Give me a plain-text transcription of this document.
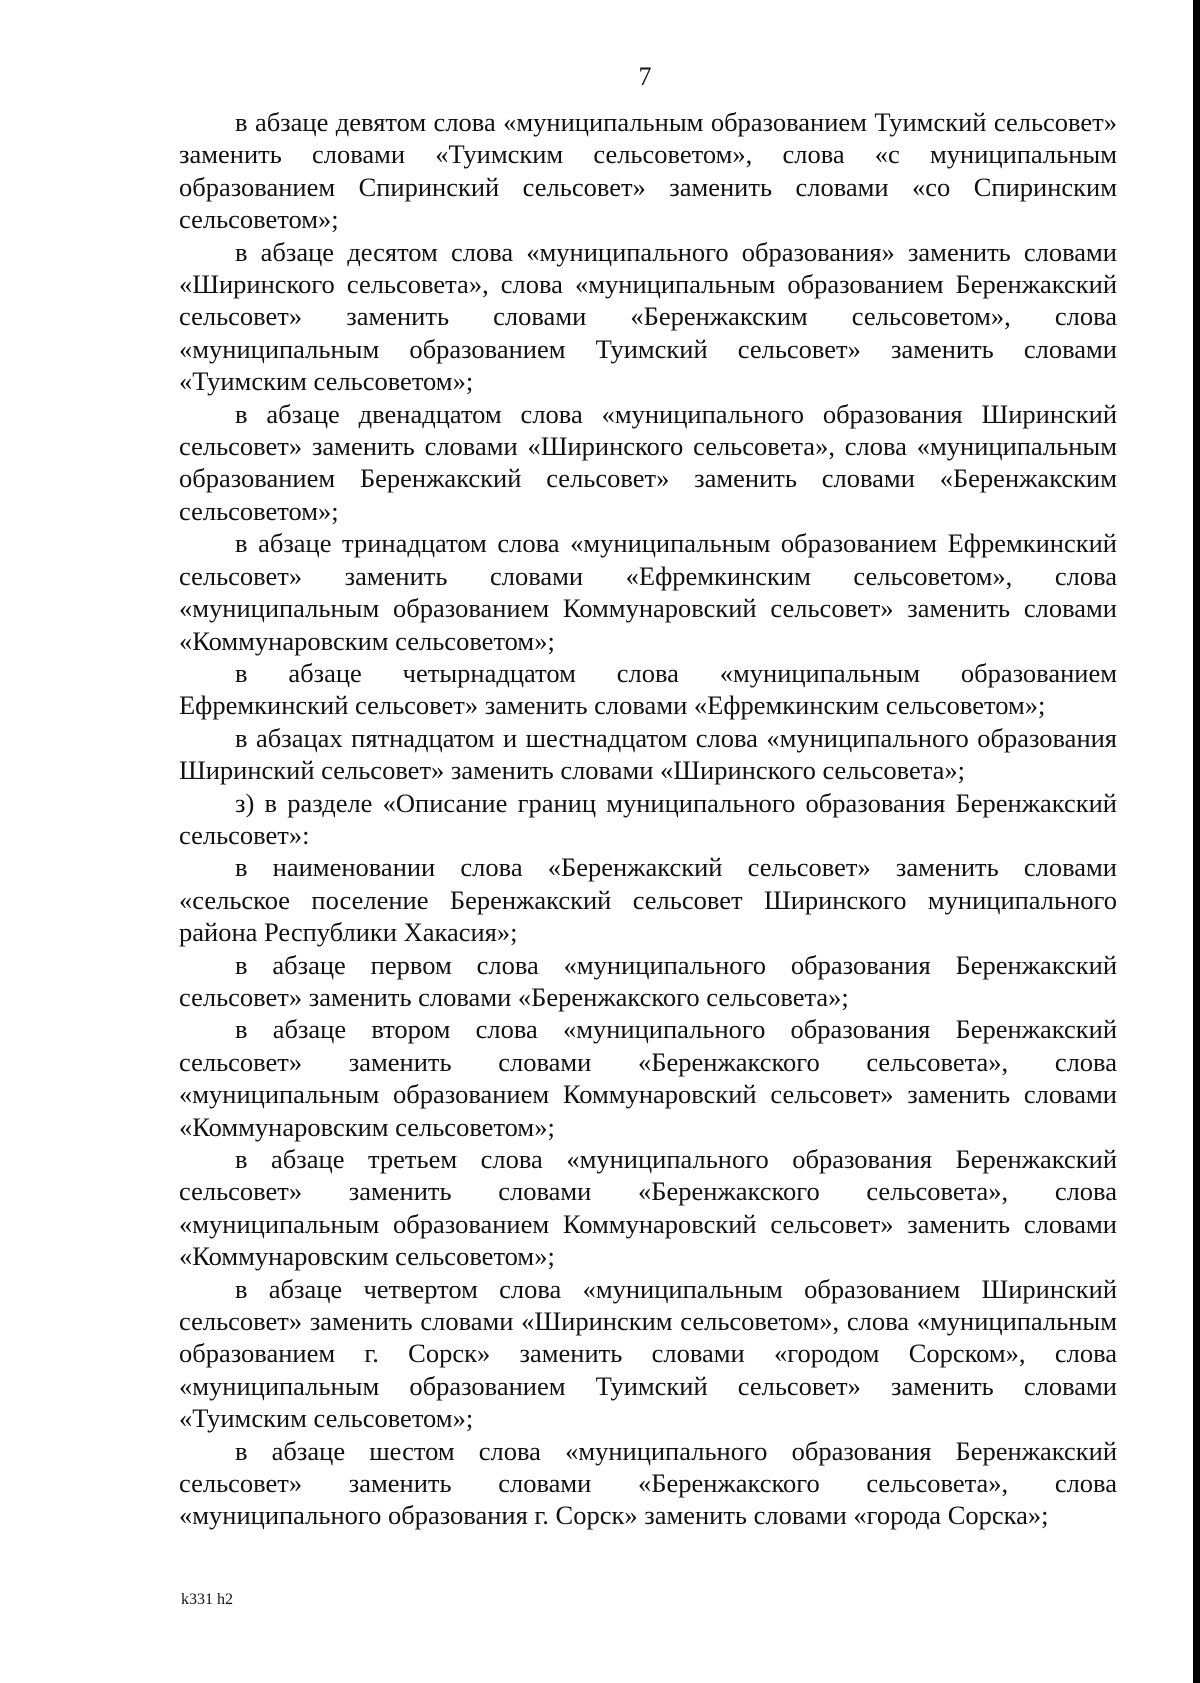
7

в абзаце девятом слова «муниципальным образованием Туимский сельсовет» заменить словами «Туимским сельсоветом», слова «с муниципальным образованием Спиринский сельсовет» заменить словами «со Спиринским сельсоветом»;

в абзаце десятом слова «муниципального образования» заменить словами «Ширинского сельсовета», слова «муниципальным образованием Беренжакский сельсовет» заменить словами «Беренжакским сельсоветом», слова «муниципальным образованием Туимский сельсовет» заменить словами «Туимским сельсоветом»;

в абзаце двенадцатом слова «муниципального образования Ширинский сельсовет» заменить словами «Ширинского сельсовета», слова «муниципальным образованием Беренжакский сельсовет» заменить словами «Беренжакским сельсоветом»;

в абзаце тринадцатом слова «муниципальным образованием Ефремкинский сельсовет» заменить словами «Ефремкинским сельсоветом», слова «муниципальным образованием Коммунаровский сельсовет» заменить словами «Коммунаровским сельсоветом»;

в абзаце четырнадцатом слова «муниципальным образованием Ефремкинский сельсовет» заменить словами «Ефремкинским сельсоветом»;

в абзацах пятнадцатом и шестнадцатом слова «муниципального образования Ширинский сельсовет» заменить словами «Ширинского сельсовета»;

з) в разделе «Описание границ муниципального образования Беренжакский сельсовет»:

в наименовании слова «Беренжакский сельсовет» заменить словами «сельское поселение Беренжакский сельсовет Ширинского муниципального района Республики Хакасия»;

в абзаце первом слова «муниципального образования Беренжакский сельсовет» заменить словами «Беренжакского сельсовета»;

в абзаце втором слова «муниципального образования Беренжакский сельсовет» заменить словами «Беренжакского сельсовета», слова «муниципальным образованием Коммунаровский сельсовет» заменить словами «Коммунаровским сельсоветом»;

в абзаце третьем слова «муниципального образования Беренжакский сельсовет» заменить словами «Беренжакского сельсовета», слова «муниципальным образованием Коммунаровский сельсовет» заменить словами «Коммунаровским сельсоветом»;

в абзаце четвертом слова «муниципальным образованием Ширинский сельсовет» заменить словами «Ширинским сельсоветом», слова «муниципальным образованием г. Сорск» заменить словами «городом Сорском», слова «муниципальным образованием Туимский сельсовет» заменить словами «Туимским сельсоветом»;

в абзаце шестом слова «муниципального образования Беренжакский сельсовет» заменить словами «Беренжакского сельсовета», слова «муниципального образования г. Сорск» заменить словами «города Сорска»;

k331 h2
